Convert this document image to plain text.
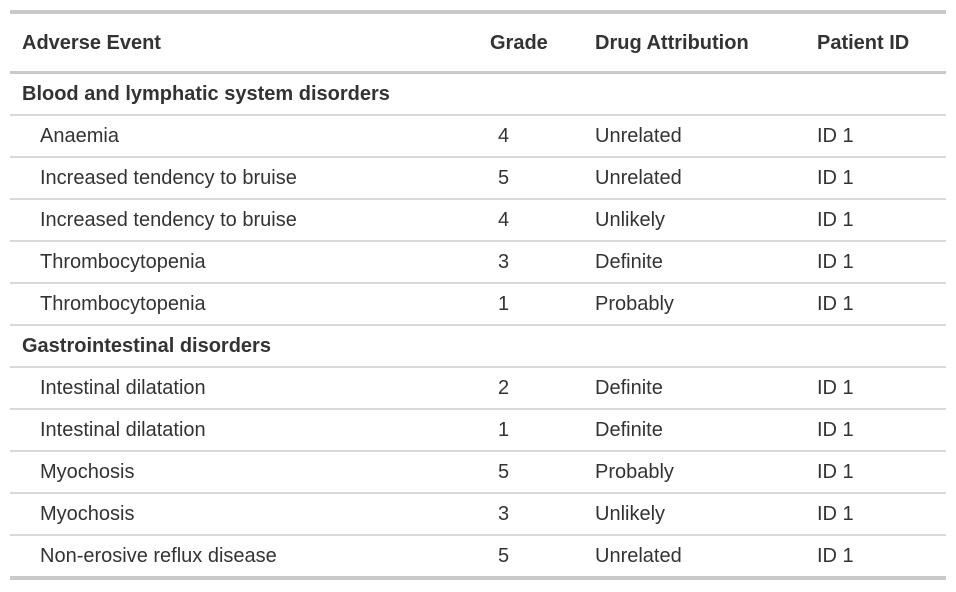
Adverse Event	Grade	Drug Attribution	Patient ID
Blood and lymphatic system disorders
Anaemia	4	Unrelated	ID 1
Increased tendency to bruise	5	Unrelated	ID 1
Increased tendency to bruise	4	Unlikely	ID 1
Thrombocytopenia	3	Definite	ID 1
Thrombocytopenia	1	Probably	ID 1
Gastrointestinal disorders
Intestinal dilatation	2	Definite	ID 1
Intestinal dilatation	1	Definite	ID 1
Myochosis	5	Probably	ID 1
Myochosis	3	Unlikely	ID 1
Non-erosive reflux disease	5	Unrelated	ID 1
